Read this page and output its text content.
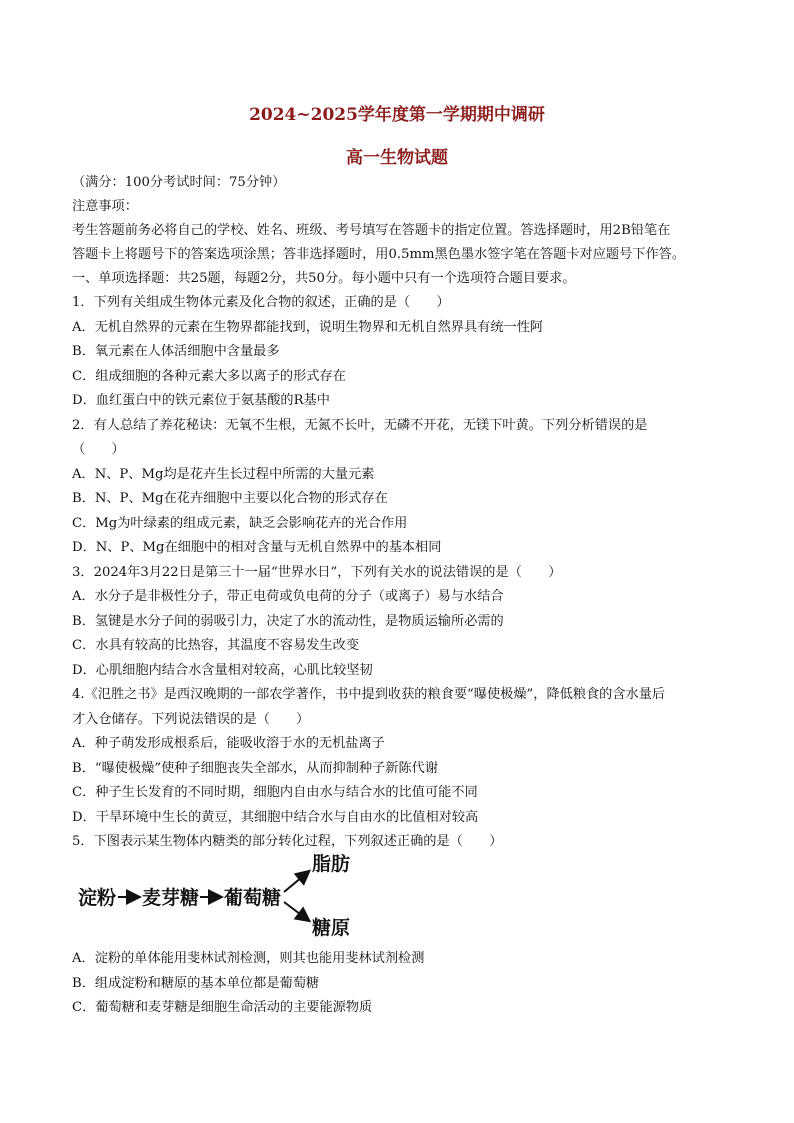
2024~2025学年度第一学期期中调研
高一生物试题
（满分：100分考试时间：75分钟）
注意事项：
考生答题前务必将自己的学校、姓名、班级、考号填写在答题卡的指定位置。答选择题时，用2B铅笔在
答题卡上将题号下的答案选项涂黑；答非选择题时，用0.5mm黑色墨水签字笔在答题卡对应题号下作答。
一、单项选择题：共25题，每题2分，共50分。每小题中只有一个选项符合题目要求。
1．下列有关组成生物体元素及化合物的叙述，正确的是（　　）
A．无机自然界的元素在生物界都能找到，说明生物界和无机自然界具有统一性阿
B．氧元素在人体活细胞中含量最多
C．组成细胞的各种元素大多以离子的形式存在
D．血红蛋白中的铁元素位于氨基酸的R基中
2．有人总结了养花秘诀：无氧不生根，无氮不长叶，无磷不开花，无镁下叶黄。下列分析错误的是
（　　）
A．N、P、Mg均是花卉生长过程中所需的大量元素
B．N、P、Mg在花卉细胞中主要以化合物的形式存在
C．Mg为叶绿素的组成元素，缺乏会影响花卉的光合作用
D．N、P、Mg在细胞中的相对含量与无机自然界中的基本相同
3．2024年3月22日是第三十一届“世界水日”，下列有关水的说法错误的是（　　）
A．水分子是非极性分子，带正电荷或负电荷的分子（或离子）易与水结合
B．氢键是水分子间的弱吸引力，决定了水的流动性，是物质运输所必需的
C．水具有较高的比热容，其温度不容易发生改变
D．心肌细胞内结合水含量相对较高，心肌比较坚韧
4.《氾胜之书》是西汉晚期的一部农学著作，书中提到收获的粮食要“曝使极燥”，降低粮食的含水量后
才入仓储存。下列说法错误的是（　　）
A．种子萌发形成根系后，能吸收溶于水的无机盐离子
B．“曝使极燥”使种子细胞丧失全部水，从而抑制种子新陈代谢
C．种子生长发育的不同时期，细胞内自由水与结合水的比值可能不同
D．干旱环境中生长的黄豆，其细胞中结合水与自由水的比值相对较高
5．下图表示某生物体内糖类的部分转化过程，下列叙述正确的是（　　）
淀粉 麦芽糖 葡萄糖
脂肪
糖原
A．淀粉的单体能用斐林试剂检测，则其也能用斐林试剂检测
B．组成淀粉和糖原的基本单位都是葡萄糖
C．葡萄糖和麦芽糖是细胞生命活动的主要能源物质
